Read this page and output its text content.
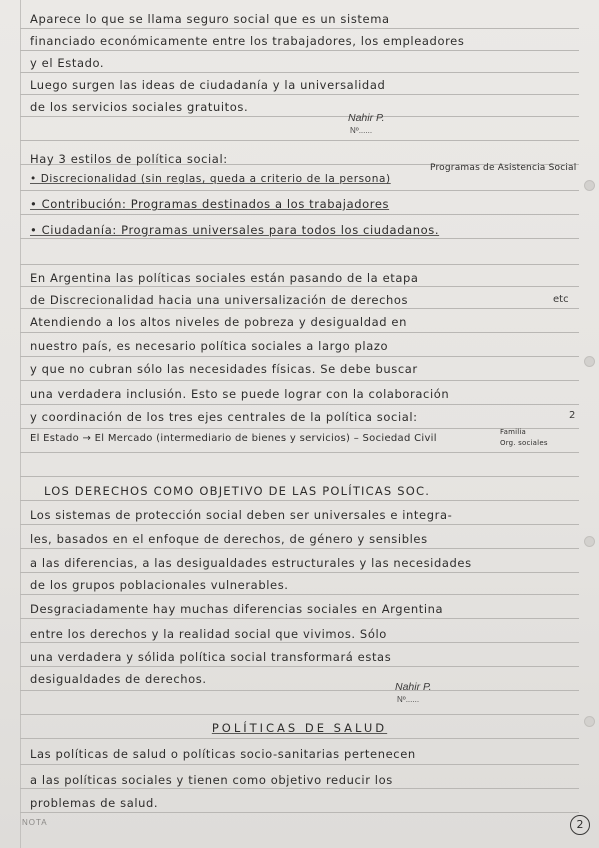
Aparece lo que se llama seguro social que es un sistema
financiado económicamente entre los trabajadores, los empleadores
y el Estado.
Luego surgen las ideas de ciudadanía y la universalidad
de los servicios sociales gratuitos.
Nahir P.
Nº......
Hay 3 estilos de política social:
• Discrecionalidad (sin reglas, queda a criterio de la persona)
Programas de Asistencia Social
• Contribución: Programas destinados a los trabajadores
• Ciudadanía: Programas universales para todos los ciudadanos.
En Argentina las políticas sociales están pasando de la etapa
de Discrecionalidad hacia una universalización de derechos	etc
Atendiendo a los altos niveles de pobreza y desigualdad en
nuestro país, es necesario política sociales a largo plazo
y que no cubran sólo las necesidades físicas. Se debe buscar
una verdadera inclusión. Esto se puede lograr con la colaboración
y coordinación de los tres ejes centrales de la política social:	2
El Estado → El Mercado (intermediario de bienes y servicios) – Sociedad Civil
Familia
Org. sociales
LOS DERECHOS COMO OBJETIVO DE LAS POLÍTICAS SOC.
Los sistemas de protección social deben ser universales e integra-
les, basados en el enfoque de derechos, de género y sensibles
a las diferencias, a las desigualdades estructurales y las necesidades
de los grupos poblacionales vulnerables.
Desgraciadamente hay muchas diferencias sociales en Argentina
entre los derechos y la realidad social que vivimos. Sólo
una verdadera y sólida política social transformará estas
desigualdades de derechos.
Nahir P.
Nº......
POLÍTICAS DE SALUD
Las políticas de salud o políticas socio-sanitarias pertenecen
a las políticas sociales y tienen como objetivo reducir los
problemas de salud.
NOTA	2
